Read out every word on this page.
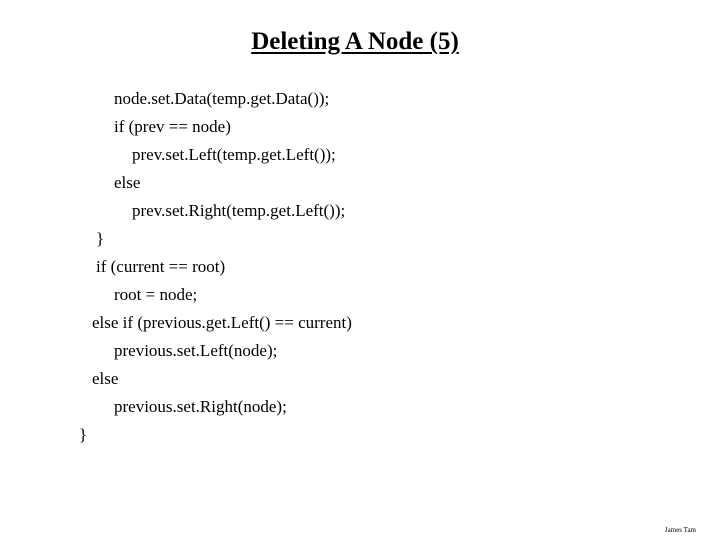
Deleting A Node (5)
node.set.Data(temp.get.Data());
if (prev == node)
prev.set.Left(temp.get.Left());
else
prev.set.Right(temp.get.Left());
}
if (current == root)
root = node;
else if (previous.get.Left() == current)
previous.set.Left(node);
else
previous.set.Right(node);
}
James Tam
